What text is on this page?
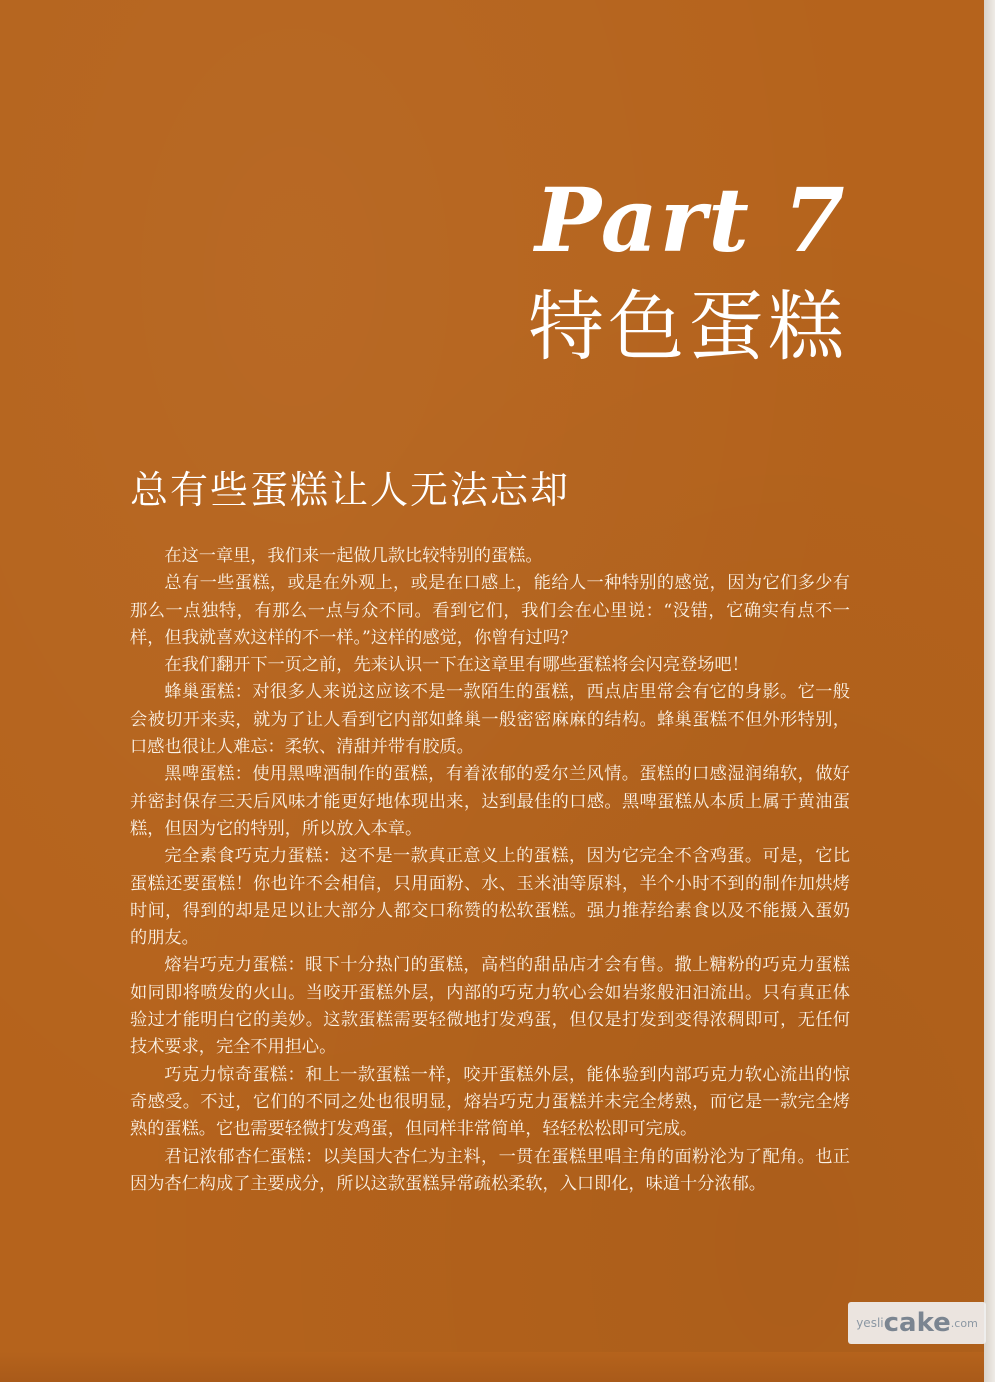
Part 7
特色蛋糕
总有些蛋糕让人无法忘却

在这一章里，我们来一起做几款比较特别的蛋糕。

总有一些蛋糕，或是在外观上，或是在口感上，能给人一种特别的感觉，因为它们多少有那么一点独特，有那么一点与众不同。看到它们，我们会在心里说：“没错，它确实有点不一样，但我就喜欢这样的不一样。”这样的感觉，你曾有过吗？

在我们翻开下一页之前，先来认识一下在这章里有哪些蛋糕将会闪亮登场吧！

蜂巢蛋糕：对很多人来说这应该不是一款陌生的蛋糕，西点店里常会有它的身影。它一般会被切开来卖，就为了让人看到它内部如蜂巢一般密密麻麻的结构。蜂巢蛋糕不但外形特别，口感也很让人难忘：柔软、清甜并带有胶质。

黑啤蛋糕：使用黑啤酒制作的蛋糕，有着浓郁的爱尔兰风情。蛋糕的口感湿润绵软，做好并密封保存三天后风味才能更好地体现出来，达到最佳的口感。黑啤蛋糕从本质上属于黄油蛋糕，但因为它的特别，所以放入本章。

完全素食巧克力蛋糕：这不是一款真正意义上的蛋糕，因为它完全不含鸡蛋。可是，它比蛋糕还要蛋糕！你也许不会相信，只用面粉、水、玉米油等原料，半个小时不到的制作加烘烤时间，得到的却是足以让大部分人都交口称赞的松软蛋糕。强力推荐给素食以及不能摄入蛋奶的朋友。

熔岩巧克力蛋糕：眼下十分热门的蛋糕，高档的甜品店才会有售。撒上糖粉的巧克力蛋糕如同即将喷发的火山。当咬开蛋糕外层，内部的巧克力软心会如岩浆般汩汩流出。只有真正体验过才能明白它的美妙。这款蛋糕需要轻微地打发鸡蛋，但仅是打发到变得浓稠即可，无任何技术要求，完全不用担心。

巧克力惊奇蛋糕：和上一款蛋糕一样，咬开蛋糕外层，能体验到内部巧克力软心流出的惊奇感受。不过，它们的不同之处也很明显，熔岩巧克力蛋糕并未完全烤熟，而它是一款完全烤熟的蛋糕。它也需要轻微打发鸡蛋，但同样非常简单，轻轻松松即可完成。

君记浓郁杏仁蛋糕：以美国大杏仁为主料，一贯在蛋糕里唱主角的面粉沦为了配角。也正因为杏仁构成了主要成分，所以这款蛋糕异常疏松柔软，入口即化，味道十分浓郁。

yesli cake .com
